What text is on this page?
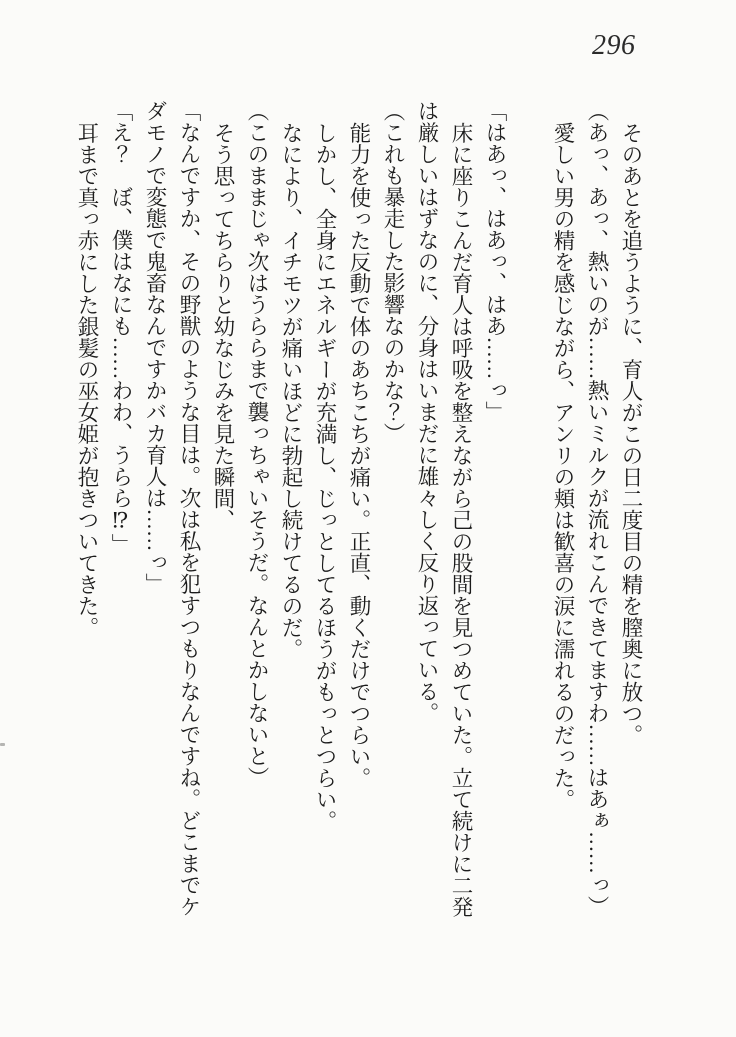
296

そのあとを追うように、育人がこの日二度目の精を膣奥に放つ。

（あっ、あっ、熱いのが……熱いミルクが流れこんできてますわ……はあぁ……っ）

愛しい男の精を感じながら、アンリの頬は歓喜の涙に濡れるのだった。

「はあっ、はあっ、はあ……っ」

床に座りこんだ育人は呼吸を整えながら己の股間を見つめていた。立て続けに二発は厳しいはずなのに、分身はいまだに雄々しく反り返っている。

（これも暴走した影響なのかな？）

能力を使った反動で体のあちこちが痛い。正直、動くだけでつらい。

しかし、全身にエネルギーが充満し、じっとしてるほうがもっとつらい。

なにより、イチモツが痛いほどに勃起し続けてるのだ。

（このままじゃ次はうららまで襲っちゃいそうだ。なんとかしないと）

そう思ってちらりと幼なじみを見た瞬間、

「なんですか、その野獣のような目は。次は私を犯すつもりなんですね。どこまでケダモノで変態で鬼畜なんですかバカ育人は……っ」

「え？　ぼ、僕はなにも……わわ、うらら⁉」

耳まで真っ赤にした銀髪の巫女姫が抱きついてきた。
